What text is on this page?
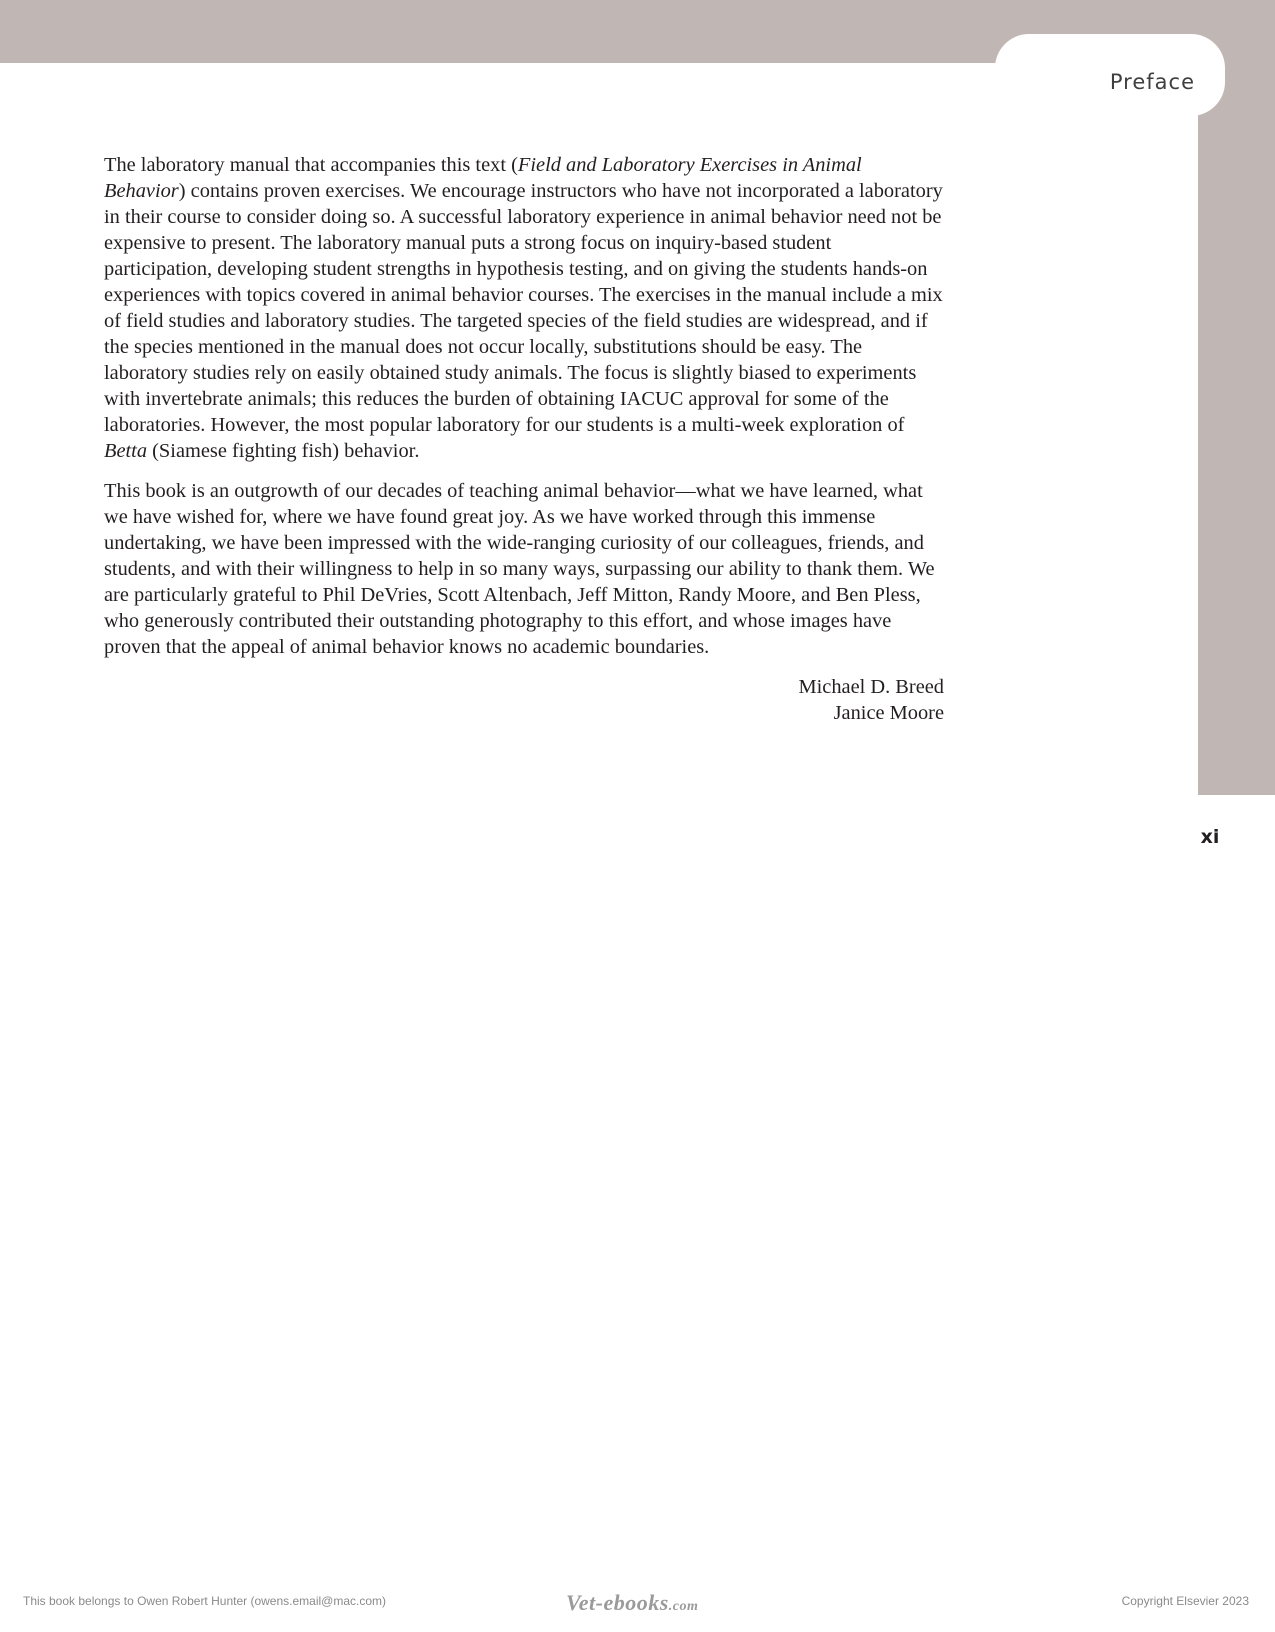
Preface

The laboratory manual that accompanies this text (Field and Laboratory Exercises in Animal Behavior) contains proven exercises. We encourage instructors who have not incorporated a laboratory in their course to consider doing so. A successful laboratory experience in animal behavior need not be expensive to present. The laboratory manual puts a strong focus on inquiry-based student participation, developing student strengths in hypothesis testing, and on giving the students hands-on experiences with topics covered in animal behavior courses. The exercises in the manual include a mix of field studies and laboratory studies. The targeted species of the field studies are widespread, and if the species mentioned in the manual does not occur locally, substitutions should be easy. The laboratory studies rely on easily obtained study animals. The focus is slightly biased to experiments with invertebrate animals; this reduces the burden of obtaining IACUC approval for some of the laboratories. However, the most popular laboratory for our students is a multi-week exploration of Betta (Siamese fighting fish) behavior.

This book is an outgrowth of our decades of teaching animal behavior—what we have learned, what we have wished for, where we have found great joy. As we have worked through this immense undertaking, we have been impressed with the wide-ranging curiosity of our colleagues, friends, and students, and with their willingness to help in so many ways, surpassing our ability to thank them. We are particularly grateful to Phil DeVries, Scott Altenbach, Jeff Mitton, Randy Moore, and Ben Pless, who generously contributed their outstanding photography to this effort, and whose images have proven that the appeal of animal behavior knows no academic boundaries.

Michael D. Breed
Janice Moore
xi
This book belongs to Owen Robert Hunter (owens.email@mac.com)	Vet-ebooks.com	Copyright Elsevier 2023
